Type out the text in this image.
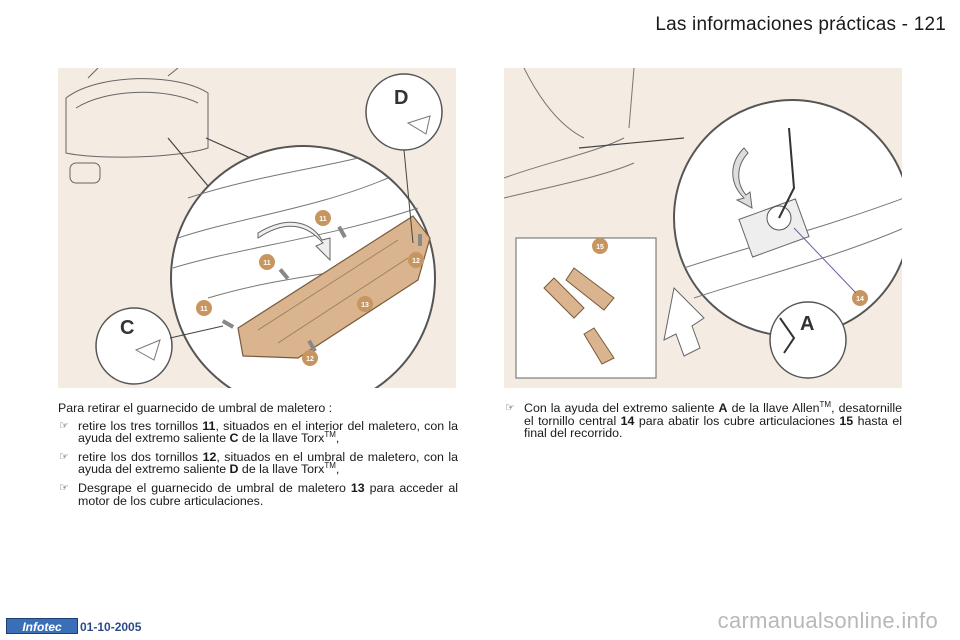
Las informaciones prácticas - 121
11
11
11
12
12
13
D
C
15
14
A

Para retirar el guarnecido de umbral de maletero :

☞ retire los tres tornillos 11, situados en el interior del maletero, con la ayuda del extremo saliente C de la llave Torx™,
☞ retire los dos tornillos 12, situados en el umbral de maletero, con la ayuda del extremo saliente D de la llave Torx™,
☞ Desgrape el guarnecido de umbral de maletero 13 para acceder al motor de los cubre articulaciones.
☞ Con la ayuda del extremo saliente A de la llave Allen™, desatornille el tornillo central 14 para abatir los cubre articulaciones 15 hasta el final del recorrido.
Infotec	01-10-2005	carmanualsonline.info
